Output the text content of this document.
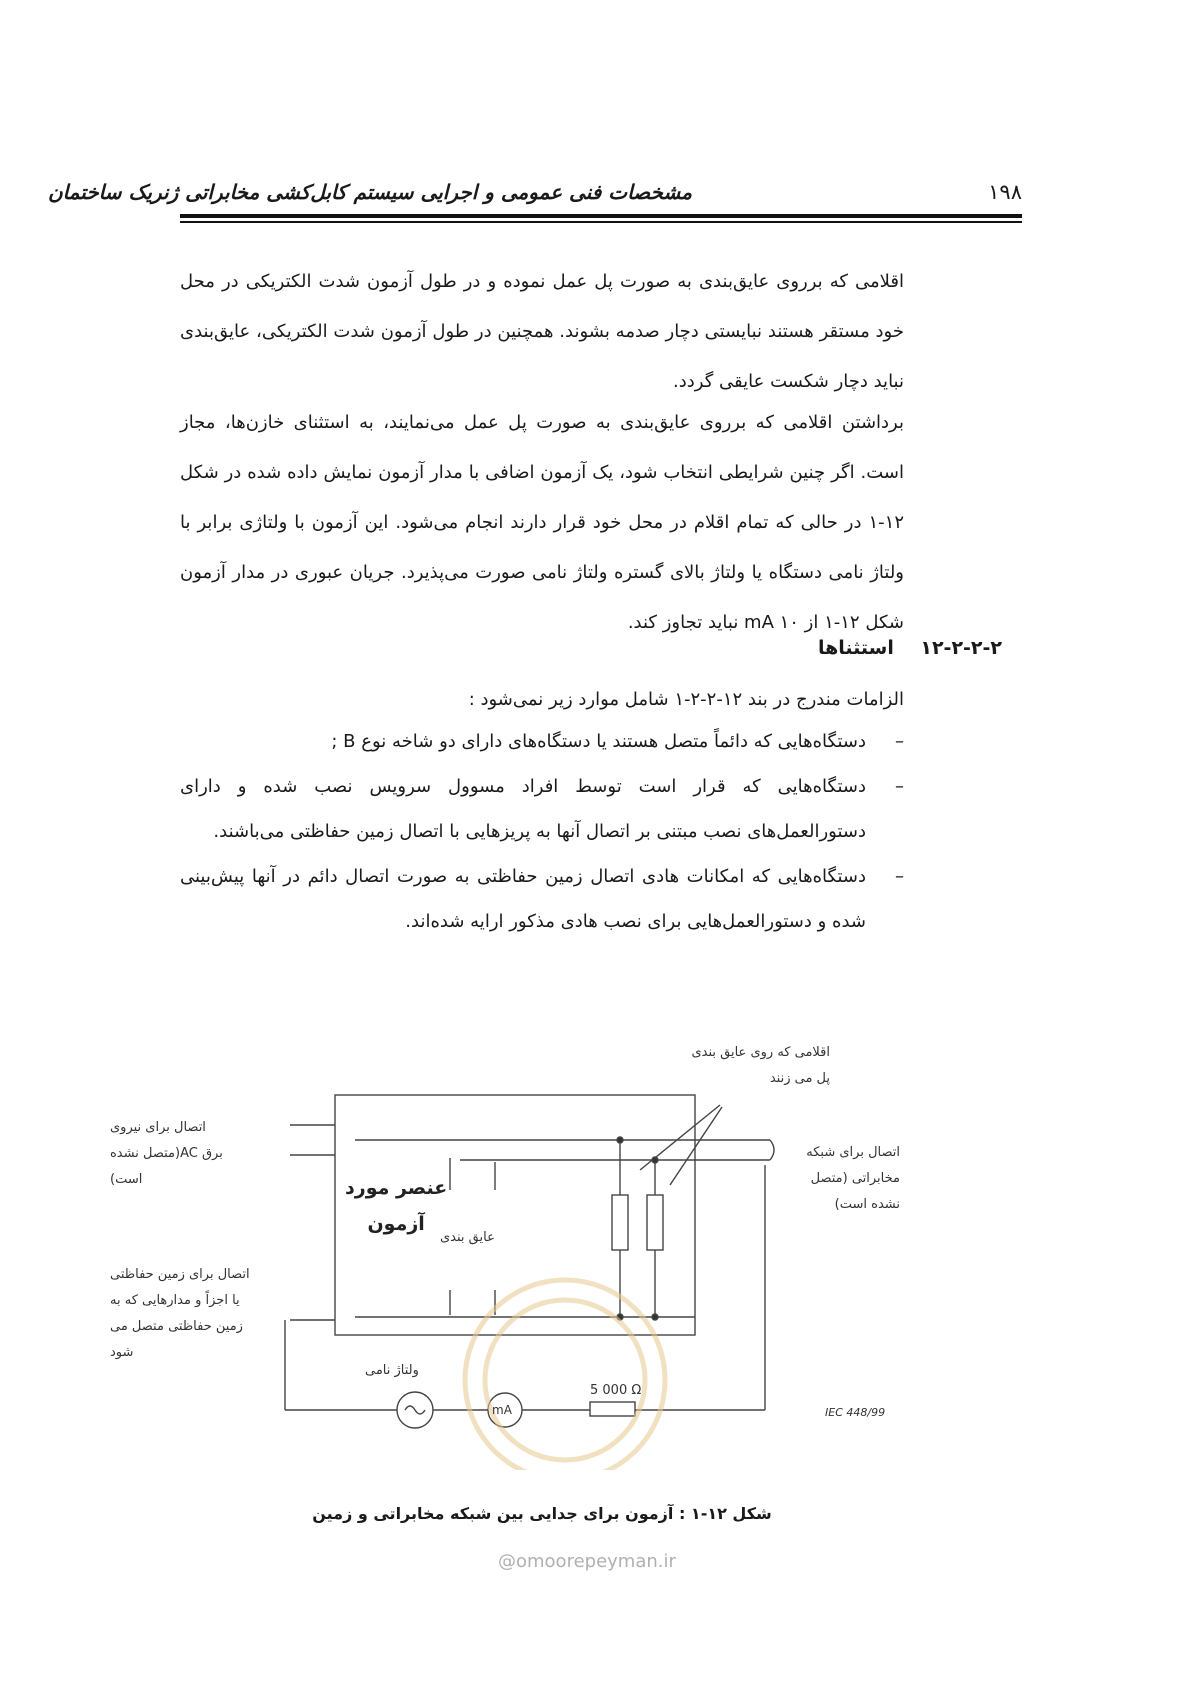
مشخصات فنی عمومی و اجرایی سیستم کابل‌کشی مخابراتی ژنریک ساختمان	۱۹۸

اقلامی که برروی عایق‌بندی به صورت پل عمل نموده و در طول آزمون شدت الکتریکی در محل خود مستقر هستند نبایستی دچار صدمه بشوند. همچنین در طول آزمون شدت الکتریکی، عایق‌بندی نباید دچار شکست عایقی گردد.

برداشتن اقلامی که برروی عایق‌بندی به صورت پل عمل می‌نمایند، به استثنای خازن‌ها، مجاز است. اگر چنین شرایطی انتخاب شود، یک آزمون اضافی با مدار آزمون نمایش داده شده در شکل ۱۲-۱ در حالی که تمام اقلام در محل خود قرار دارند انجام می‌شود. این آزمون با ولتاژی برابر با ولتاژ نامی دستگاه یا ولتاژ بالای گستره ولتاژ نامی صورت می‌پذیرد. جریان عبوری در مدار آزمون شکل ۱۲-۱ از mA ۱۰ نباید تجاوز کند.

۱۲-۲-۲-۲    استثناها
الزامات مندرج در بند ۱۲-۲-۲-۱ شامل موارد زیر نمی‌شود :
–
دستگاه‌هایی که دائماً متصل هستند یا دستگاه‌های دارای دو شاخه نوع B ;
–
دستگاه‌هایی که قرار است توسط افراد مسوول سرویس نصب شده و دارای دستورالعمل‌های نصب مبتنی بر اتصال آنها به پریزهایی با اتصال زمین حفاظتی می‌باشند.
–
دستگاه‌هایی که امکانات هادی اتصال زمین حفاظتی به صورت اتصال دائم در آنها پیش‌بینی شده و دستورالعمل‌هایی برای نصب هادی مذکور ارایه شده‌اند.
اقلامی که روی عایق بندی
پل می زنند
اتصال برای نیروی
برق AC(متصل نشده
است)
اتصال برای شبکه
مخابراتی (متصل
نشده است)
عنصر مورد
آزمون
عایق بندی
اتصال برای زمین حفاظتی
یا اجزاً و مدارهایی که به
زمین حفاظتی متصل می شود
ولتاژ نامی
mA
5 000 Ω
IEC 448/99
شکل ۱۲-۱ : آزمون برای جدایی بین شبکه مخابراتی و زمین
@omoorepeyman.ir
